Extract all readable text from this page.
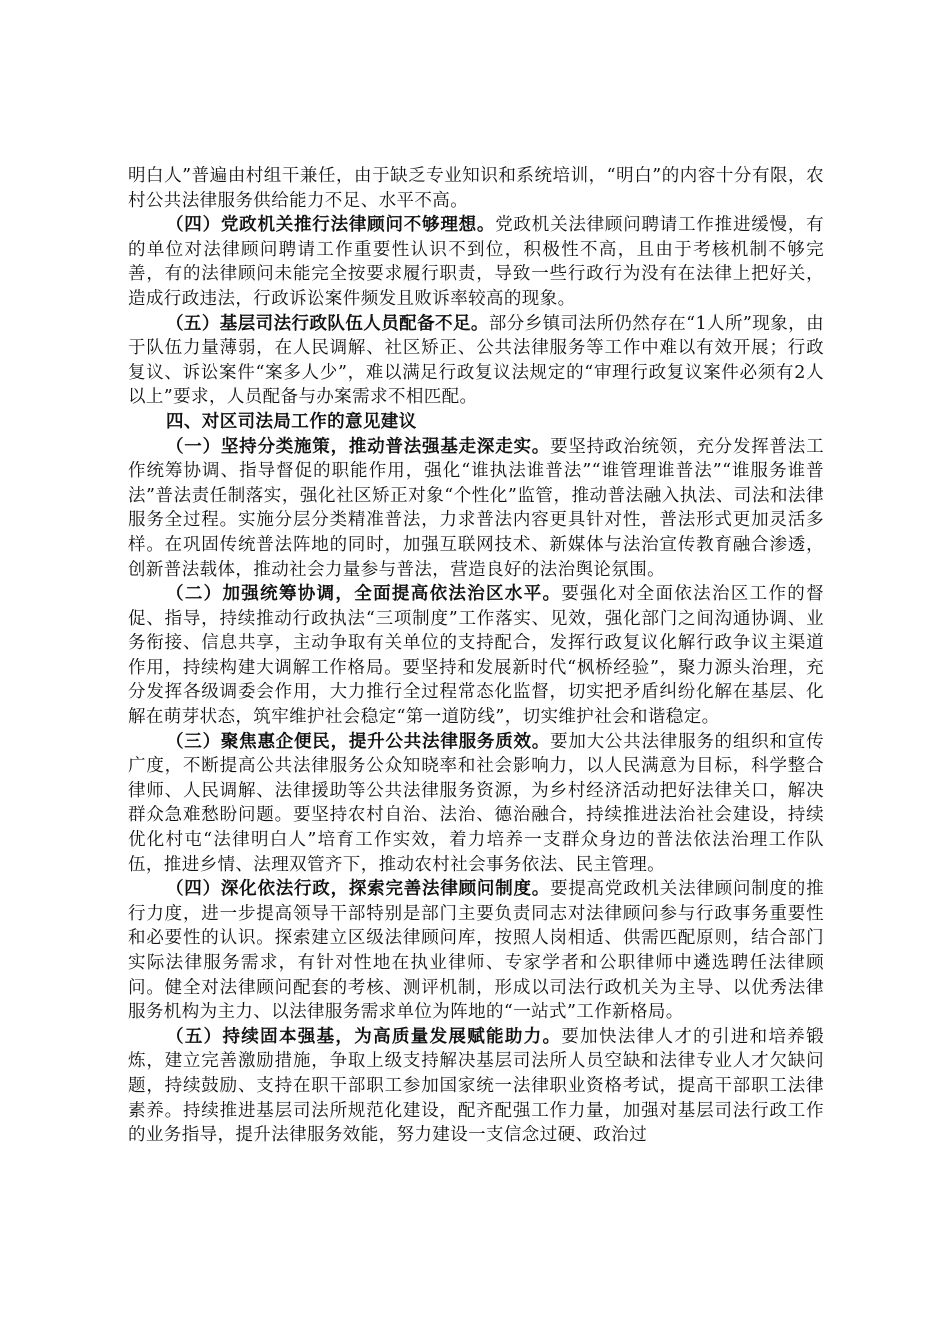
明白人”普遍由村组干兼任，由于缺乏专业知识和系统培训，“明白”的内容十分有限，农村公共法律服务供给能力不足、水平不高。

（四）党政机关推行法律顾问不够理想。党政机关法律顾问聘请工作推进缓慢，有的单位对法律顾问聘请工作重要性认识不到位，积极性不高，且由于考核机制不够完善，有的法律顾问未能完全按要求履行职责，导致一些行政行为没有在法律上把好关，造成行政违法，行政诉讼案件频发且败诉率较高的现象。

（五）基层司法行政队伍人员配备不足。部分乡镇司法所仍然存在“1人所”现象，由于队伍力量薄弱，在人民调解、社区矫正、公共法律服务等工作中难以有效开展；行政复议、诉讼案件“案多人少”，难以满足行政复议法规定的“审理行政复议案件必须有2人以上”要求，人员配备与办案需求不相匹配。

四、对区司法局工作的意见建议

（一）坚持分类施策，推动普法强基走深走实。要坚持政治统领，充分发挥普法工作统筹协调、指导督促的职能作用，强化“谁执法谁普法”“谁管理谁普法”“谁服务谁普法”普法责任制落实，强化社区矫正对象“个性化”监管，推动普法融入执法、司法和法律服务全过程。实施分层分类精准普法，力求普法内容更具针对性，普法形式更加灵活多样。在巩固传统普法阵地的同时，加强互联网技术、新媒体与法治宣传教育融合渗透，创新普法载体，推动社会力量参与普法，营造良好的法治舆论氛围。

（二）加强统筹协调，全面提高依法治区水平。要强化对全面依法治区工作的督促、指导，持续推动行政执法“三项制度”工作落实、见效，强化部门之间沟通协调、业务衔接、信息共享，主动争取有关单位的支持配合，发挥行政复议化解行政争议主渠道作用，持续构建大调解工作格局。要坚持和发展新时代“枫桥经验”，聚力源头治理，充分发挥各级调委会作用，大力推行全过程常态化监督，切实把矛盾纠纷化解在基层、化解在萌芽状态，筑牢维护社会稳定“第一道防线”，切实维护社会和谐稳定。

（三）聚焦惠企便民，提升公共法律服务质效。要加大公共法律服务的组织和宣传广度，不断提高公共法律服务公众知晓率和社会影响力，以人民满意为目标，科学整合律师、人民调解、法律援助等公共法律服务资源，为乡村经济活动把好法律关口，解决群众急难愁盼问题。要坚持农村自治、法治、德治融合，持续推进法治社会建设，持续优化村屯“法律明白人”培育工作实效，着力培养一支群众身边的普法依法治理工作队伍，推进乡情、法理双管齐下，推动农村社会事务依法、民主管理。

（四）深化依法行政，探索完善法律顾问制度。要提高党政机关法律顾问制度的推行力度，进一步提高领导干部特别是部门主要负责同志对法律顾问参与行政事务重要性和必要性的认识。探索建立区级法律顾问库，按照人岗相适、供需匹配原则，结合部门实际法律服务需求，有针对性地在执业律师、专家学者和公职律师中遴选聘任法律顾问。健全对法律顾问配套的考核、测评机制，形成以司法行政机关为主导、以优秀法律服务机构为主力、以法律服务需求单位为阵地的“一站式”工作新格局。

（五）持续固本强基，为高质量发展赋能助力。要加快法律人才的引进和培养锻炼，建立完善激励措施，争取上级支持解决基层司法所人员空缺和法律专业人才欠缺问题，持续鼓励、支持在职干部职工参加国家统一法律职业资格考试，提高干部职工法律素养。持续推进基层司法所规范化建设，配齐配强工作力量，加强对基层司法行政工作的业务指导，提升法律服务效能，努力建设一支信念过硬、政治过
